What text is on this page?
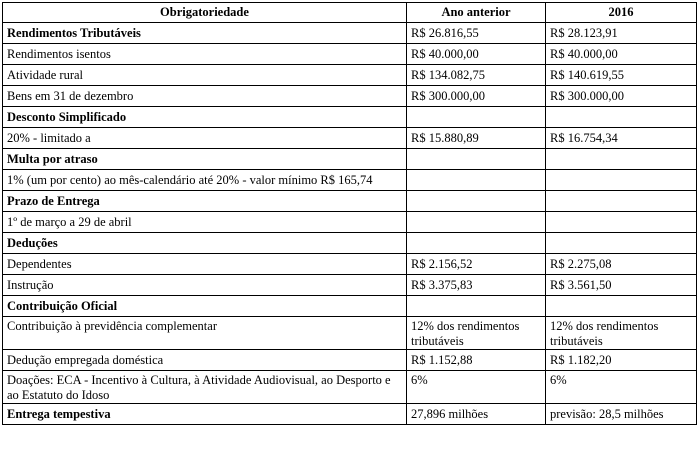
Obrigatoriedade	Ano anterior	2016
Rendimentos Tributáveis	R$ 26.816,55	R$ 28.123,91
Rendimentos isentos	R$ 40.000,00	R$ 40.000,00
Atividade rural	R$ 134.082,75	R$ 140.619,55
Bens em 31 de dezembro	R$ 300.000,00	R$ 300.000,00
Desconto Simplificado		
20% - limitado a	R$ 15.880,89	R$ 16.754,34
Multa por atraso		
1% (um por cento) ao mês-calendário até 20% - valor mínimo R$ 165,74		
Prazo de Entrega		
1º de março a 29 de abril		
Deduções		
Dependentes	R$ 2.156,52	R$ 2.275,08
Instrução	R$ 3.375,83	R$ 3.561,50
Contribuição Oficial		
Contribuição à previdência complementar	12% dos rendimentos tributáveis	12% dos rendimentos tributáveis
Dedução empregada doméstica	R$ 1.152,88	R$ 1.182,20
Doações: ECA - Incentivo à Cultura, à Atividade Audiovisual, ao Desporto e ao Estatuto do Idoso	6%	6%
Entrega tempestiva	27,896 milhões	previsão: 28,5 milhões
